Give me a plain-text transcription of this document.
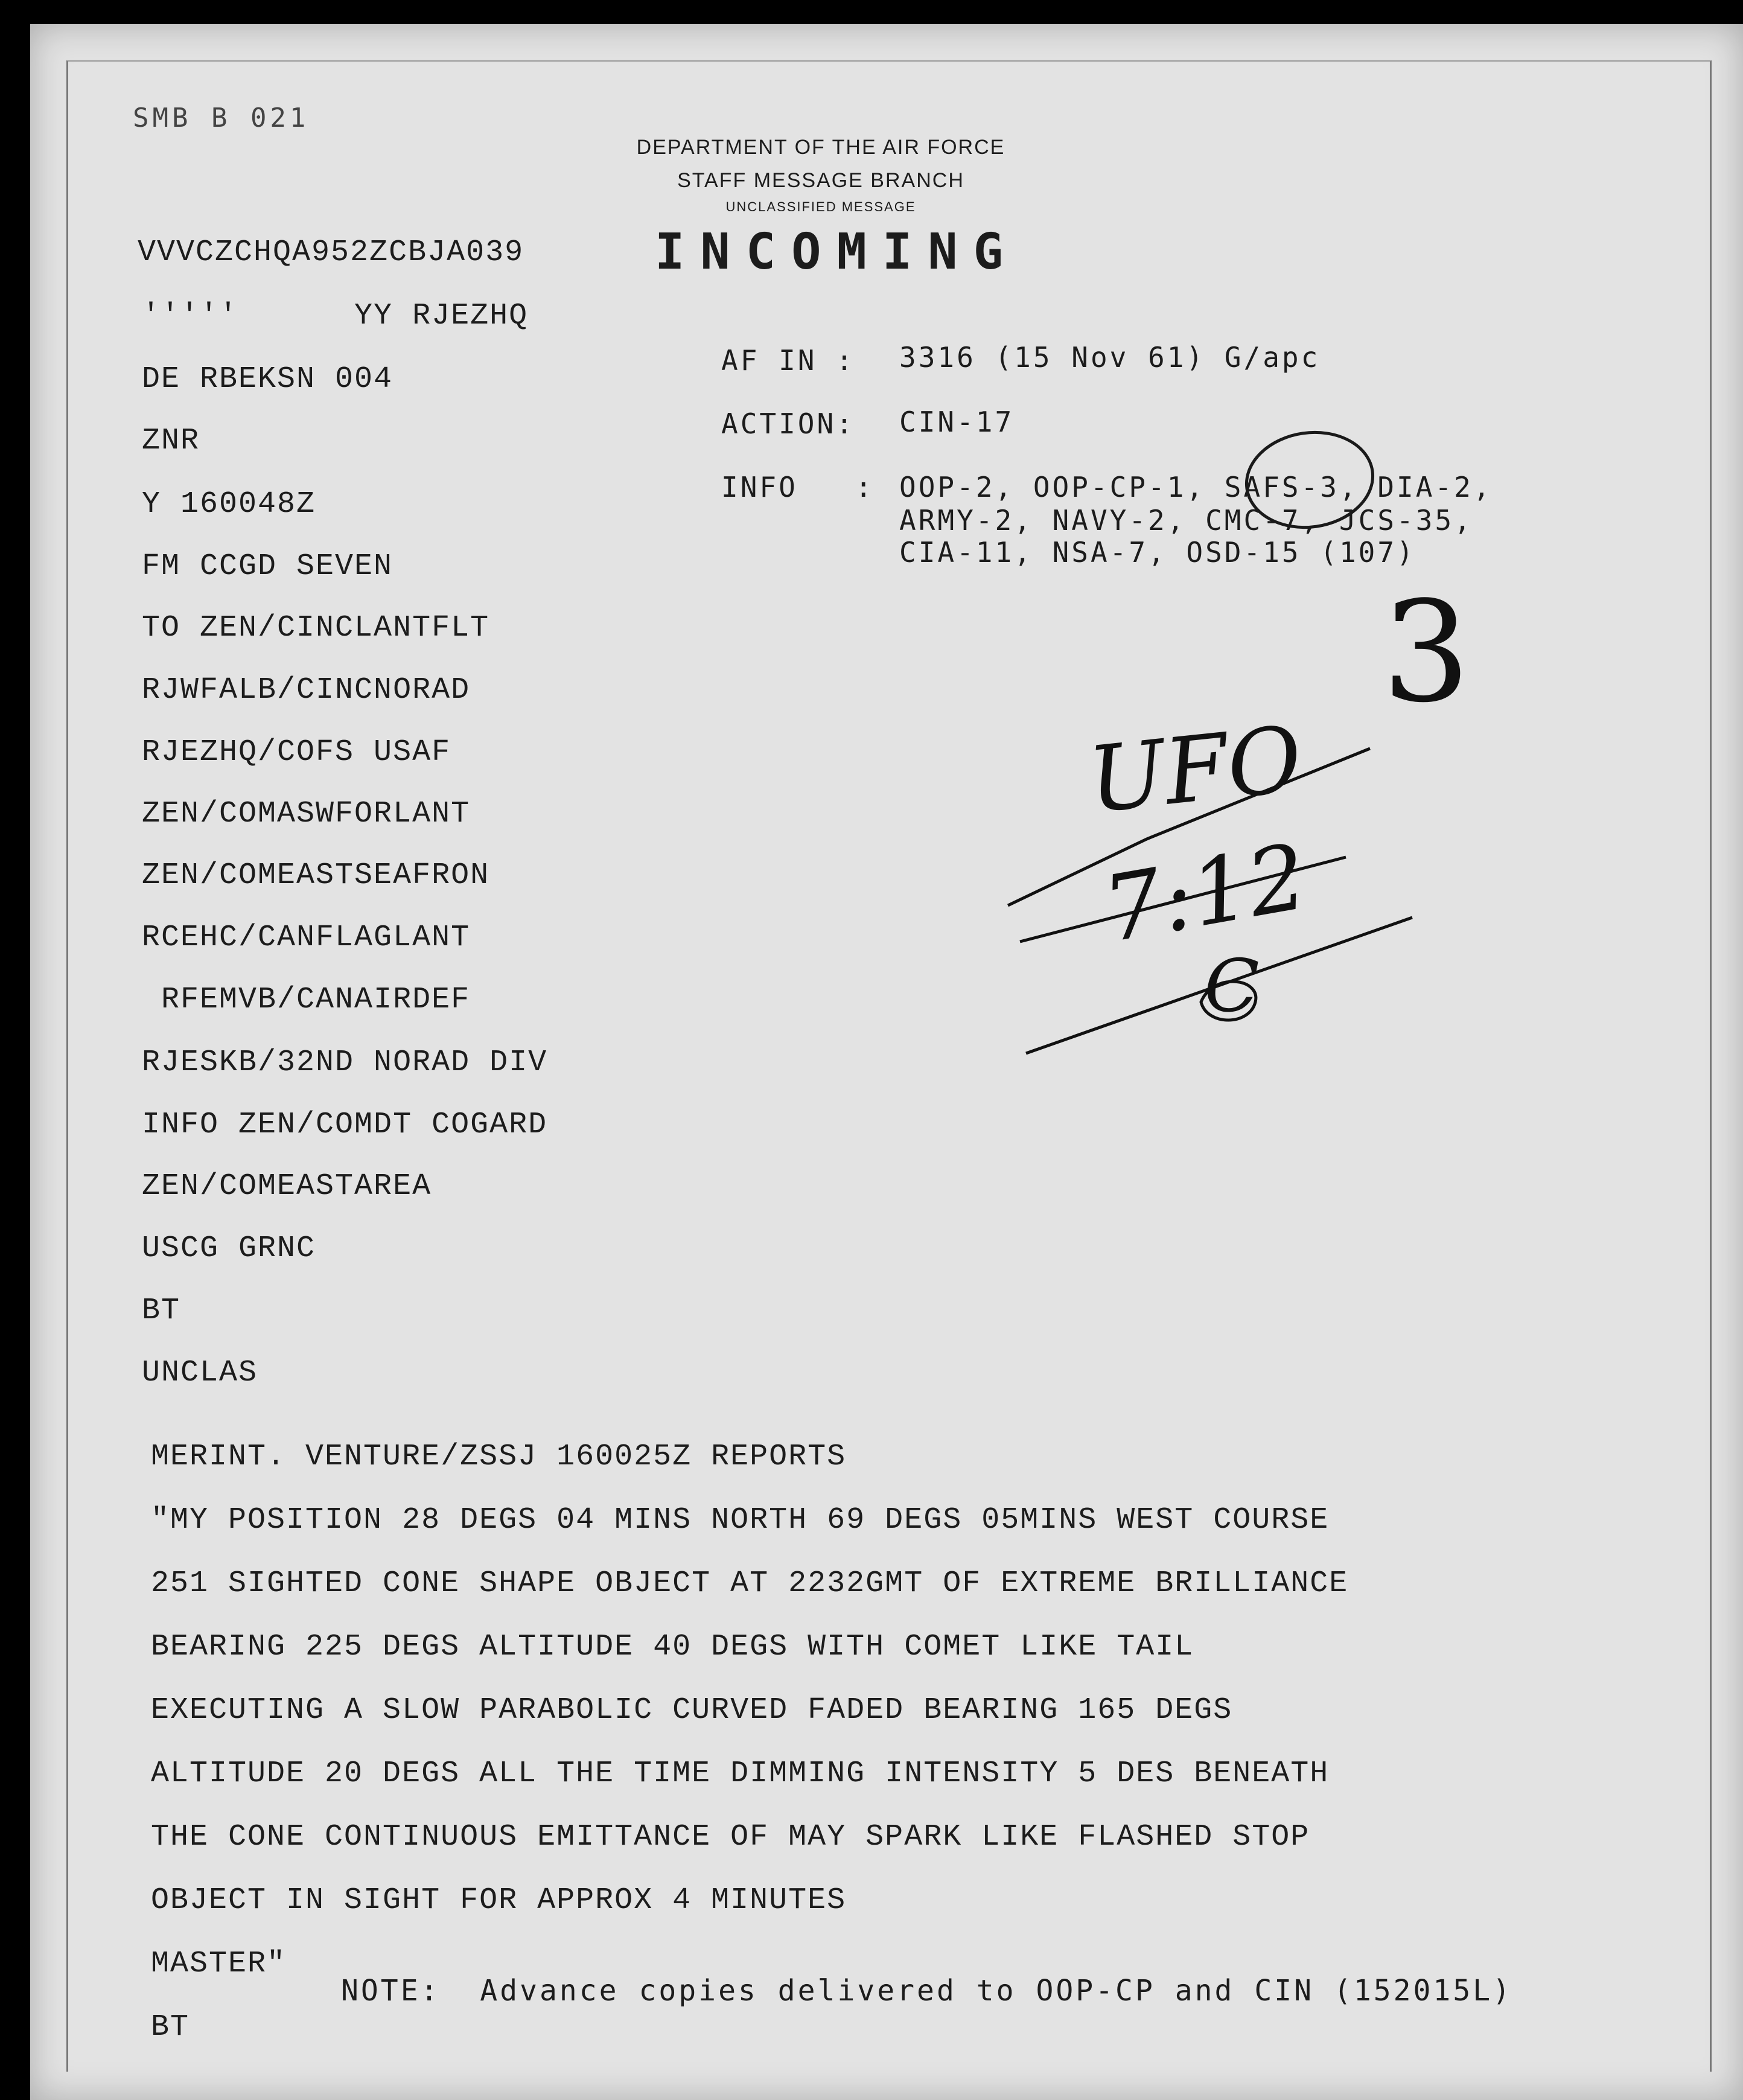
SMB B 021
DEPARTMENT OF THE AIR FORCE
STAFF MESSAGE BRANCH
UNCLASSIFIED MESSAGE
INCOMING
VVVCZCHQA952ZCBJA039
'''''      YY RJEZHQ
DE RBEKSN 004
ZNR
Y 160048Z
FM CCGD SEVEN
TO ZEN/CINCLANTFLT
RJWFALB/CINCNORAD
RJEZHQ/COFS USAF
ZEN/COMASWFORLANT
ZEN/COMEASTSEAFRON
RCEHC/CANFLAGLANT
RFEMVB/CANAIRDEF
RJESKB/32ND NORAD DIV
INFO ZEN/COMDT COGARD
ZEN/COMEASTAREA
USCG GRNC
BT
UNCLAS
MERINT. VENTURE/ZSSJ 160025Z REPORTS
"MY POSITION 28 DEGS 04 MINS NORTH 69 DEGS 05MINS WEST COURSE
251 SIGHTED CONE SHAPE OBJECT AT 2232GMT OF EXTREME BRILLIANCE
BEARING 225 DEGS ALTITUDE 40 DEGS WITH COMET LIKE TAIL
EXECUTING A SLOW PARABOLIC CURVED FADED BEARING 165 DEGS
ALTITUDE 20 DEGS ALL THE TIME DIMMING INTENSITY 5 DES BENEATH
THE CONE CONTINUOUS EMITTANCE OF MAY SPARK LIKE FLASHED STOP
OBJECT IN SIGHT FOR APPROX 4 MINUTES
MASTER"
BT
AF IN : 3316 (15 Nov 61) G/apc
ACTION: CIN-17
INFO   : OOP-2, OOP-CP-1, SAFS-3, DIA-2,
ARMY-2, NAVY-2, CMC-7, JCS-35,
CIA-11, NSA-7, OSD-15 (107)
NOTE:  Advance copies delivered to OOP-CP and CIN (152015L)
3
UFO
7:12
C
